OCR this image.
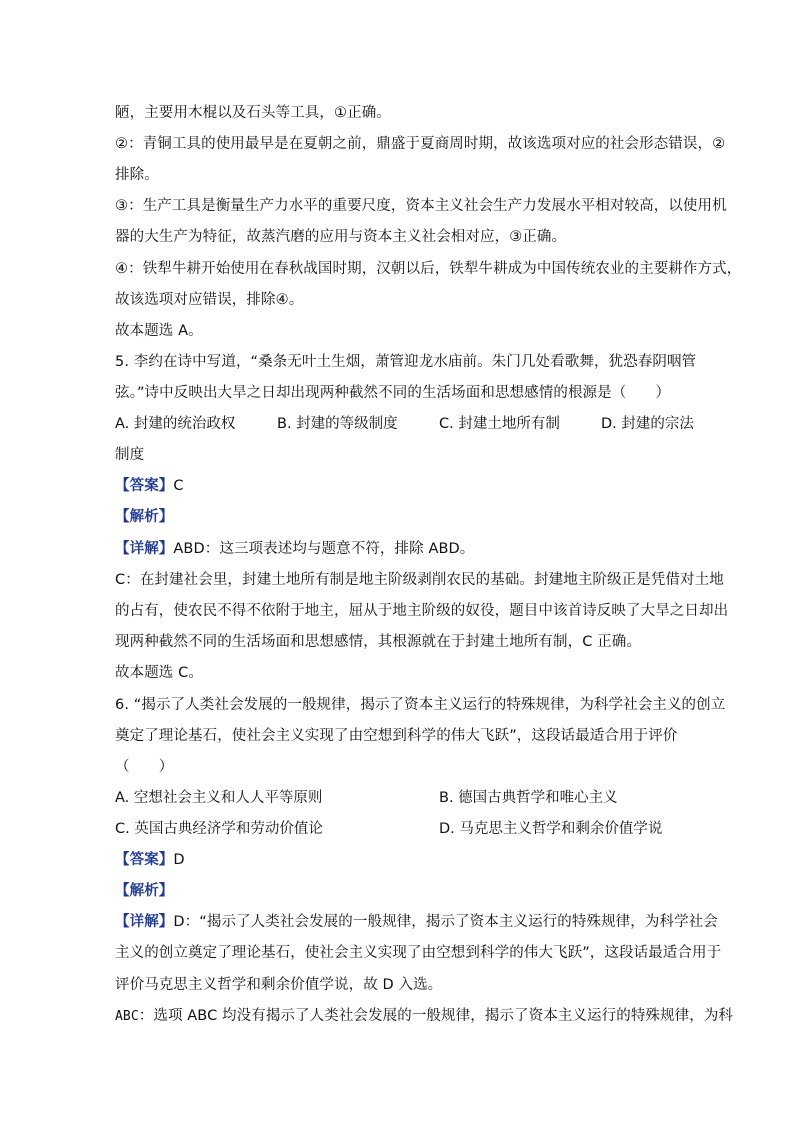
陋，主要用木棍以及石头等工具，①正确。
②：青铜工具的使用最早是在夏朝之前，鼎盛于夏商周时期，故该选项对应的社会形态错误，②
排除。
③：生产工具是衡量生产力水平的重要尺度，资本主义社会生产力发展水平相对较高，以使用机
器的大生产为特征，故蒸汽磨的应用与资本主义社会相对应，③正确。
④：铁犁牛耕开始使用在春秋战国时期，汉朝以后，铁犁牛耕成为中国传统农业的主要耕作方式，
故该选项对应错误，排除④。
故本题选 A。
5. 李约在诗中写道，“桑条无叶土生烟，萧管迎龙水庙前。朱门几处看歌舞，犹恐春阴咽管
弦。”诗中反映出大旱之日却出现两种截然不同的生活场面和思想感情的根源是（　　）
A. 封建的统治政权	B. 封建的等级制度	C. 封建土地所有制	D. 封建的宗法
制度
【答案】C
【解析】
【详解】ABD：这三项表述均与题意不符，排除 ABD。
C：在封建社会里，封建土地所有制是地主阶级剥削农民的基础。封建地主阶级正是凭借对土地
的占有，使农民不得不依附于地主，屈从于地主阶级的奴役，题目中该首诗反映了大旱之日却出
现两种截然不同的生活场面和思想感情，其根源就在于封建土地所有制，C 正确。
故本题选 C。
6. “揭示了人类社会发展的一般规律，揭示了资本主义运行的特殊规律，为科学社会主义的创立
奠定了理论基石，使社会主义实现了由空想到科学的伟大飞跃”，这段话最适合用于评价
（　　）
A. 空想社会主义和人人平等原则	B. 德国古典哲学和唯心主义
C. 英国古典经济学和劳动价值论	D. 马克思主义哲学和剩余价值学说
【答案】D
【解析】
【详解】D：“揭示了人类社会发展的一般规律，揭示了资本主义运行的特殊规律，为科学社会
主义的创立奠定了理论基石，使社会主义实现了由空想到科学的伟大飞跃”，这段话最适合用于
评价马克思主义哲学和剩余价值学说，故 D 入选。
ABC：选项 ABC 均没有揭示了人类社会发展的一般规律，揭示了资本主义运行的特殊规律，为科
